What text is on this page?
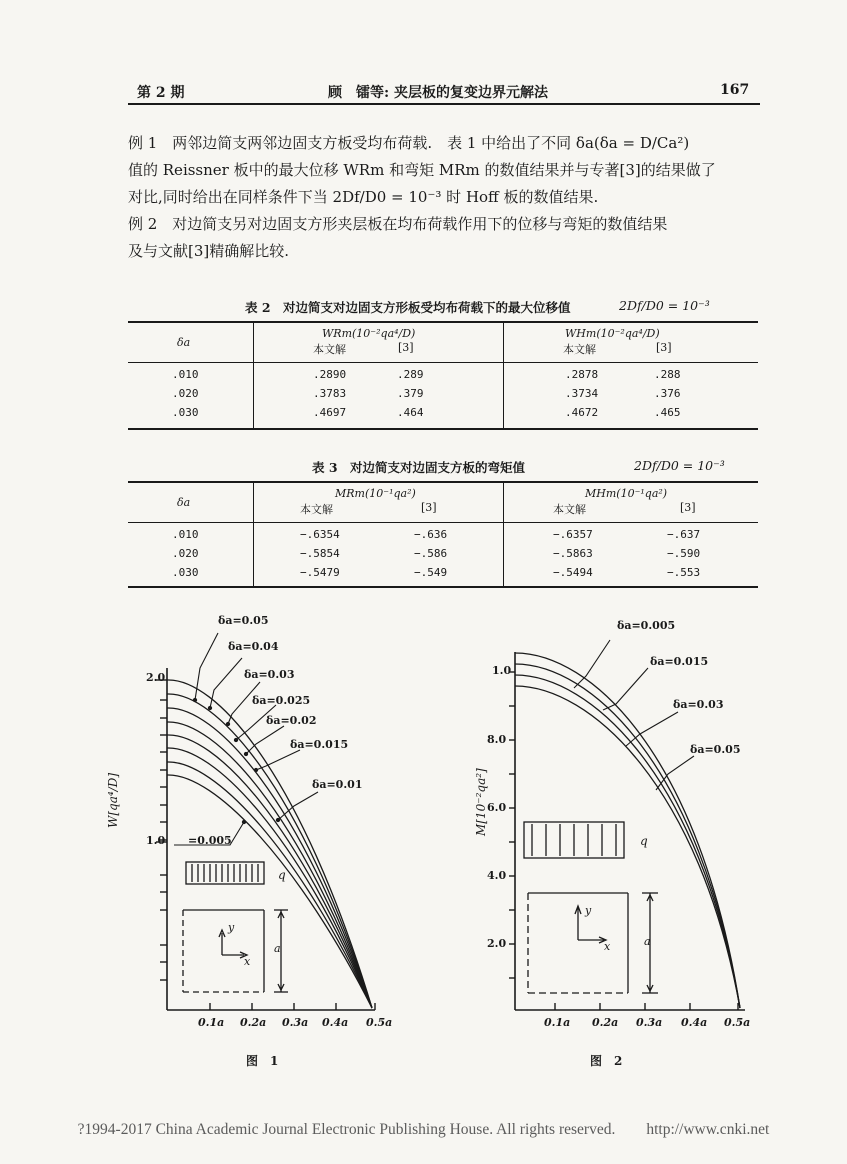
第 2 期	顾　镭等: 夹层板的复变边界元解法	167

例 1　两邻边简支两邻边固支方板受均布荷载.　表 1 中给出了不同 δa(δa = D/Ca²)

值的 Reissner 板中的最大位移 WRm 和弯矩 MRm 的数值结果并与专著[3]的结果做了

对比,同时给出在同样条件下当 2Df/D0 = 10⁻³ 时 Hoff 板的数值结果.

例 2　对边简支另对边固支方形夹层板在均布荷载作用下的位移与弯矩的数值结果

及与文献[3]精确解比较.

表 2　对边简支对边固支方形板受均布荷载下的最大位移值	2Df/D0 = 10⁻³
δa
WRm(10⁻²qa⁴/D)
本文解	[3]
WHm(10⁻²qa⁴/D)
本文解	[3]
.010	.2890	.289	.2878	.288
.020	.3783	.379	.3734	.376
.030	.4697	.464	.4672	.465
表 3　对边简支对边固支方板的弯矩值	2Df/D0 = 10⁻³
δa
MRm(10⁻¹qa²)
本文解	[3]
MHm(10⁻¹qa²)
本文解	[3]
.010	−.6354	−.636	−.6357	−.637
.020	−.5854	−.586	−.5863	−.590
.030	−.5479	−.549	−.5494	−.553
W[qa⁴/D]
2.0
1.0
0.1a 0.2a 0.3a 0.4a 0.5a
δa=0.05
δa=0.04
δa=0.03
δa=0.025
δa=0.02
δa=0.015
δa=0.01
=0.005
q
y
x
a
图　1
M[10⁻²qa²]
1.0
8.0
6.0
4.0
2.0
0.1a 0.2a 0.3a 0.4a 0.5a
δa=0.005
δa=0.015
δa=0.03
δa=0.05
q
y
x	a
图　2
?1994-2017 China Academic Journal Electronic Publishing House. All rights reserved.　　http://www.cnki.net
